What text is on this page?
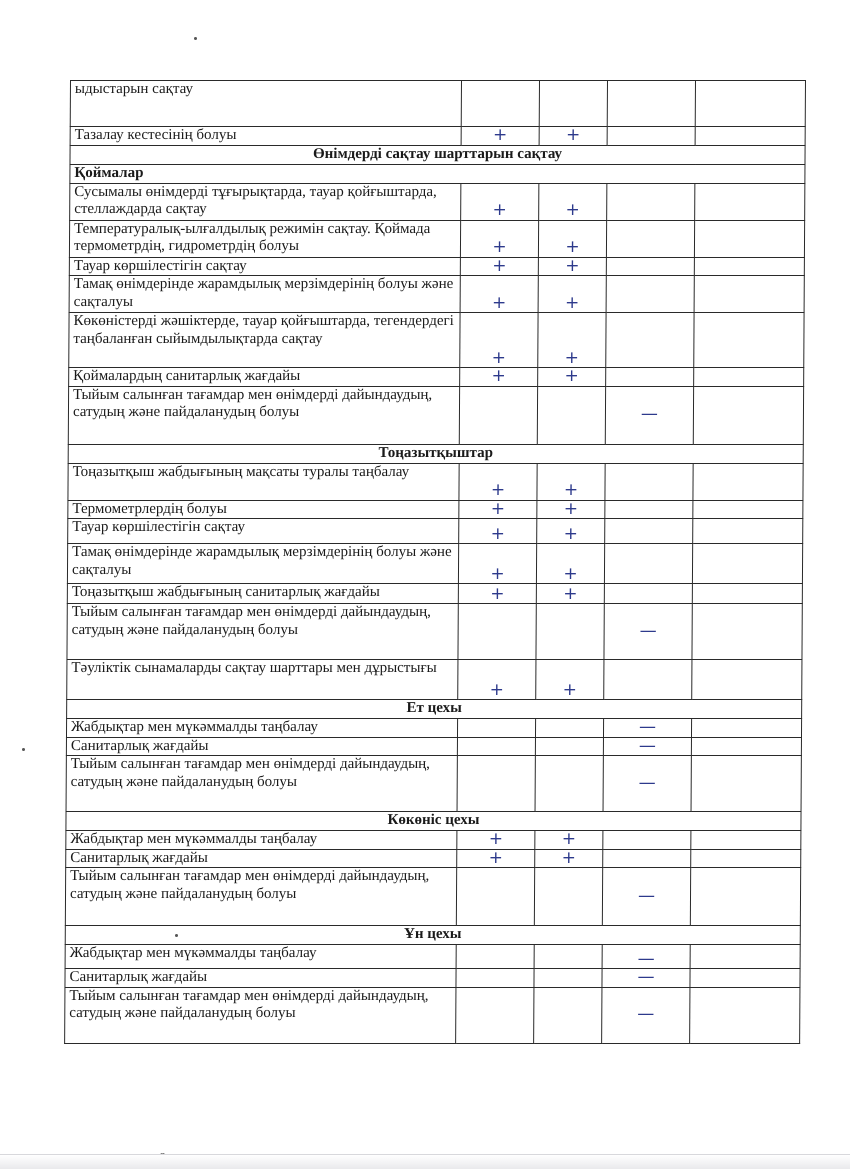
ыдыстарын сақтау				
Тазалау кестесінің болуы	+	+		
Өнімдерді сақтау шарттарын сақтау				
Қоймалар				
Сусымалы өнімдерді тұғырықтарда, тауар қойғыштарда, стеллаждарда сақтау	+	+		
Температуралық-ылғалдылық режимін сақтау. Қоймада термометрдің, гидрометрдің болуы	+	+		
Тауар көршілестігін сақтау	+	+		
Тамақ өнімдерінде жарамдылық мерзімдерінің болуы және сақталуы	+	+		
Көкөністерді жәшіктерде, тауар қойғыштарда, тегендердегі таңбаланған сыйымдылықтарда сақтау	+	+		
Қоймалардың санитарлық жағдайы	+	+		
Тыйым салынған тағамдар мен өнімдерді дайындаудың, сатудың және пайдаланудың болуы			—	
Тоңазытқыштар				
Тоңазытқыш жабдығының мақсаты туралы таңбалау	+	+		
Термометрлердің болуы	+	+		
Тауар көршілестігін сақтау	+	+		
Тамақ өнімдерінде жарамдылық мерзімдерінің болуы және сақталуы	+	+		
Тоңазытқыш жабдығының санитарлық жағдайы	+	+		
Тыйым салынған тағамдар мен өнімдерді дайындаудың, сатудың және пайдаланудың болуы			—	
Тәуліктік сынамаларды сақтау шарттары мен дұрыстығы	+	+		
Ет цехы				
Жабдықтар мен мүкәммалды таңбалау			—	
Санитарлық жағдайы			—	
Тыйым салынған тағамдар мен өнімдерді дайындаудың, сатудың және пайдаланудың болуы			—	
Көкөніс цехы				
Жабдықтар мен мүкәммалды таңбалау	+	+		
Санитарлық жағдайы	+	+		
Тыйым салынған тағамдар мен өнімдерді дайындаудың, сатудың және пайдаланудың болуы			—	
Ұн цехы				
Жабдықтар мен мүкәммалды таңбалау			—	
Санитарлық жағдайы			—	
Тыйым салынған тағамдар мен өнімдерді дайындаудың, сатудың және пайдаланудың болуы			—	
